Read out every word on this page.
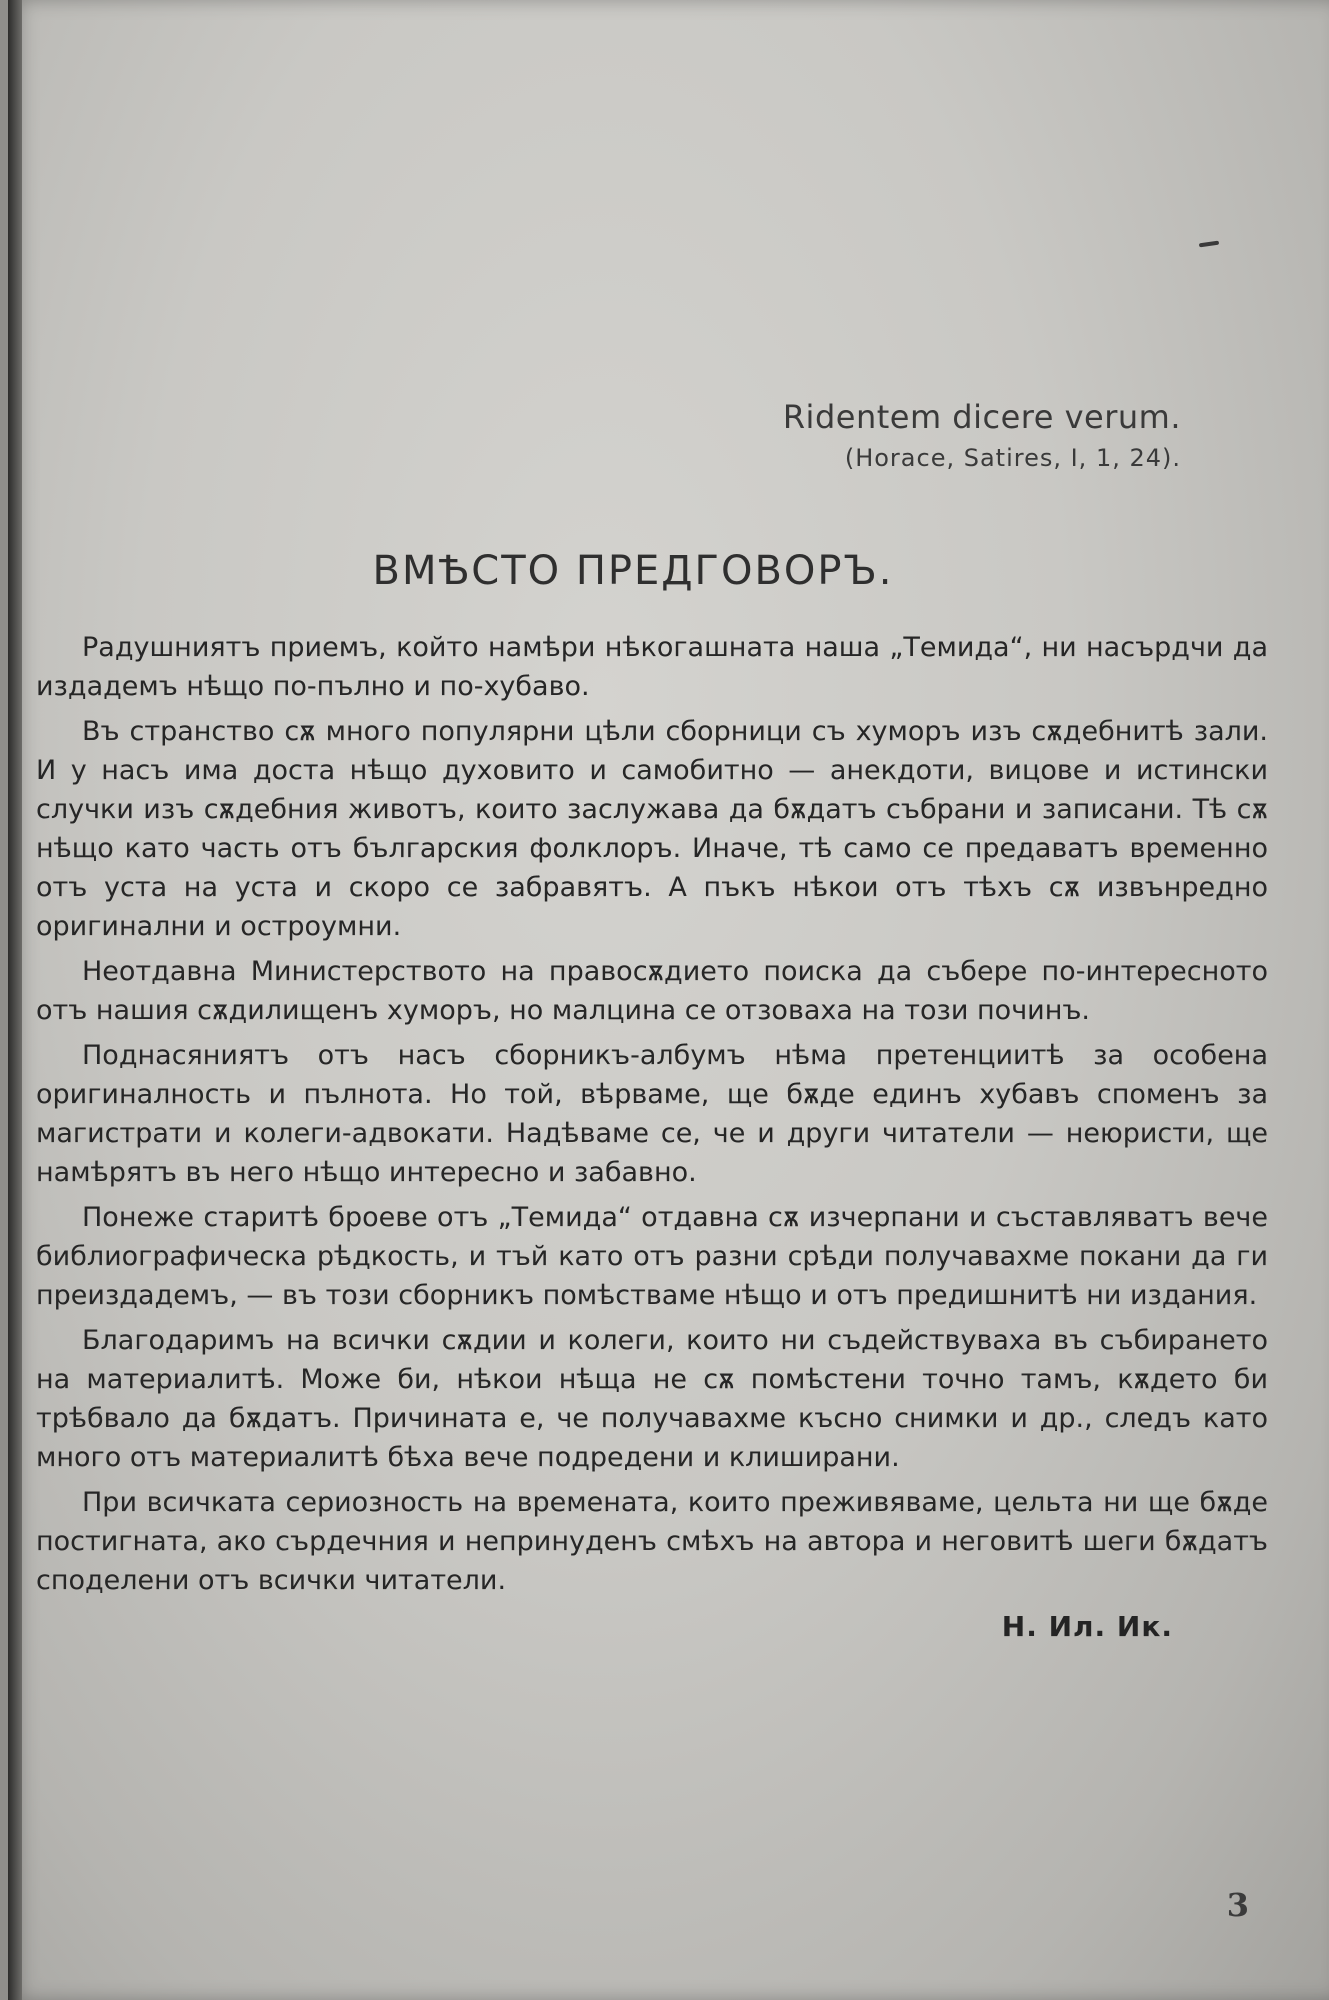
Ridentem dicere verum.
(Horace, Satires, I, 1, 24).
ВМѢСТО ПРЕДГОВОРЪ.

Радушниятъ приемъ, който намѣри нѣкогашната наша „Темида“, ни насърдчи да издадемъ нѣщо по-пълно и по-хубаво.

Въ странство сѫ много популярни цѣли сборници съ хуморъ изъ сѫдебнитѣ зали. И у насъ има доста нѣщо духовито и самобитно — анекдоти, вицове и истински случки изъ сѫдебния животъ, които заслужава да бѫдатъ събрани и записани. Тѣ сѫ нѣщо като часть отъ българския фолклоръ. Иначе, тѣ само се предаватъ временно отъ уста на уста и скоро се забравятъ. А пъкъ нѣкои отъ тѣхъ сѫ извънредно оригинални и остроумни.

Неотдавна Министерството на правосѫдието поиска да събере по-интересното отъ нашия сѫдилищенъ хуморъ, но малцина се отзоваха на този починъ.

Поднасяниятъ отъ насъ сборникъ-албумъ нѣма претенциитѣ за особена оригиналность и пълнота. Но той, вѣрваме, ще бѫде единъ хубавъ споменъ за магистрати и колеги-адвокати. Надѣваме се, че и други читатели — неюристи, ще намѣрятъ въ него нѣщо интересно и забавно.

Понеже старитѣ броеве отъ „Темида“ отдавна сѫ изчерпани и съставляватъ вече библиографическа рѣдкость, и тъй като отъ разни срѣди получавахме покани да ги преиздадемъ, — въ този сборникъ помѣстваме нѣщо и отъ предишнитѣ ни издания.

Благодаримъ на всички сѫдии и колеги, които ни съдействуваха въ събирането на материалитѣ. Може би, нѣкои нѣща не сѫ помѣстени точно тамъ, кѫдето би трѣбвало да бѫдатъ. Причината е, че получавахме късно снимки и др., следъ като много отъ материалитѣ бѣха вече подредени и клиширани.

При всичката сериозность на времената, които преживяваме, цельта ни ще бѫде постигната, ако сърдечния и непринуденъ смѣхъ на автора и неговитѣ шеги бѫдатъ споделени отъ всички читатели.

Н. Ил. Ик.
3
